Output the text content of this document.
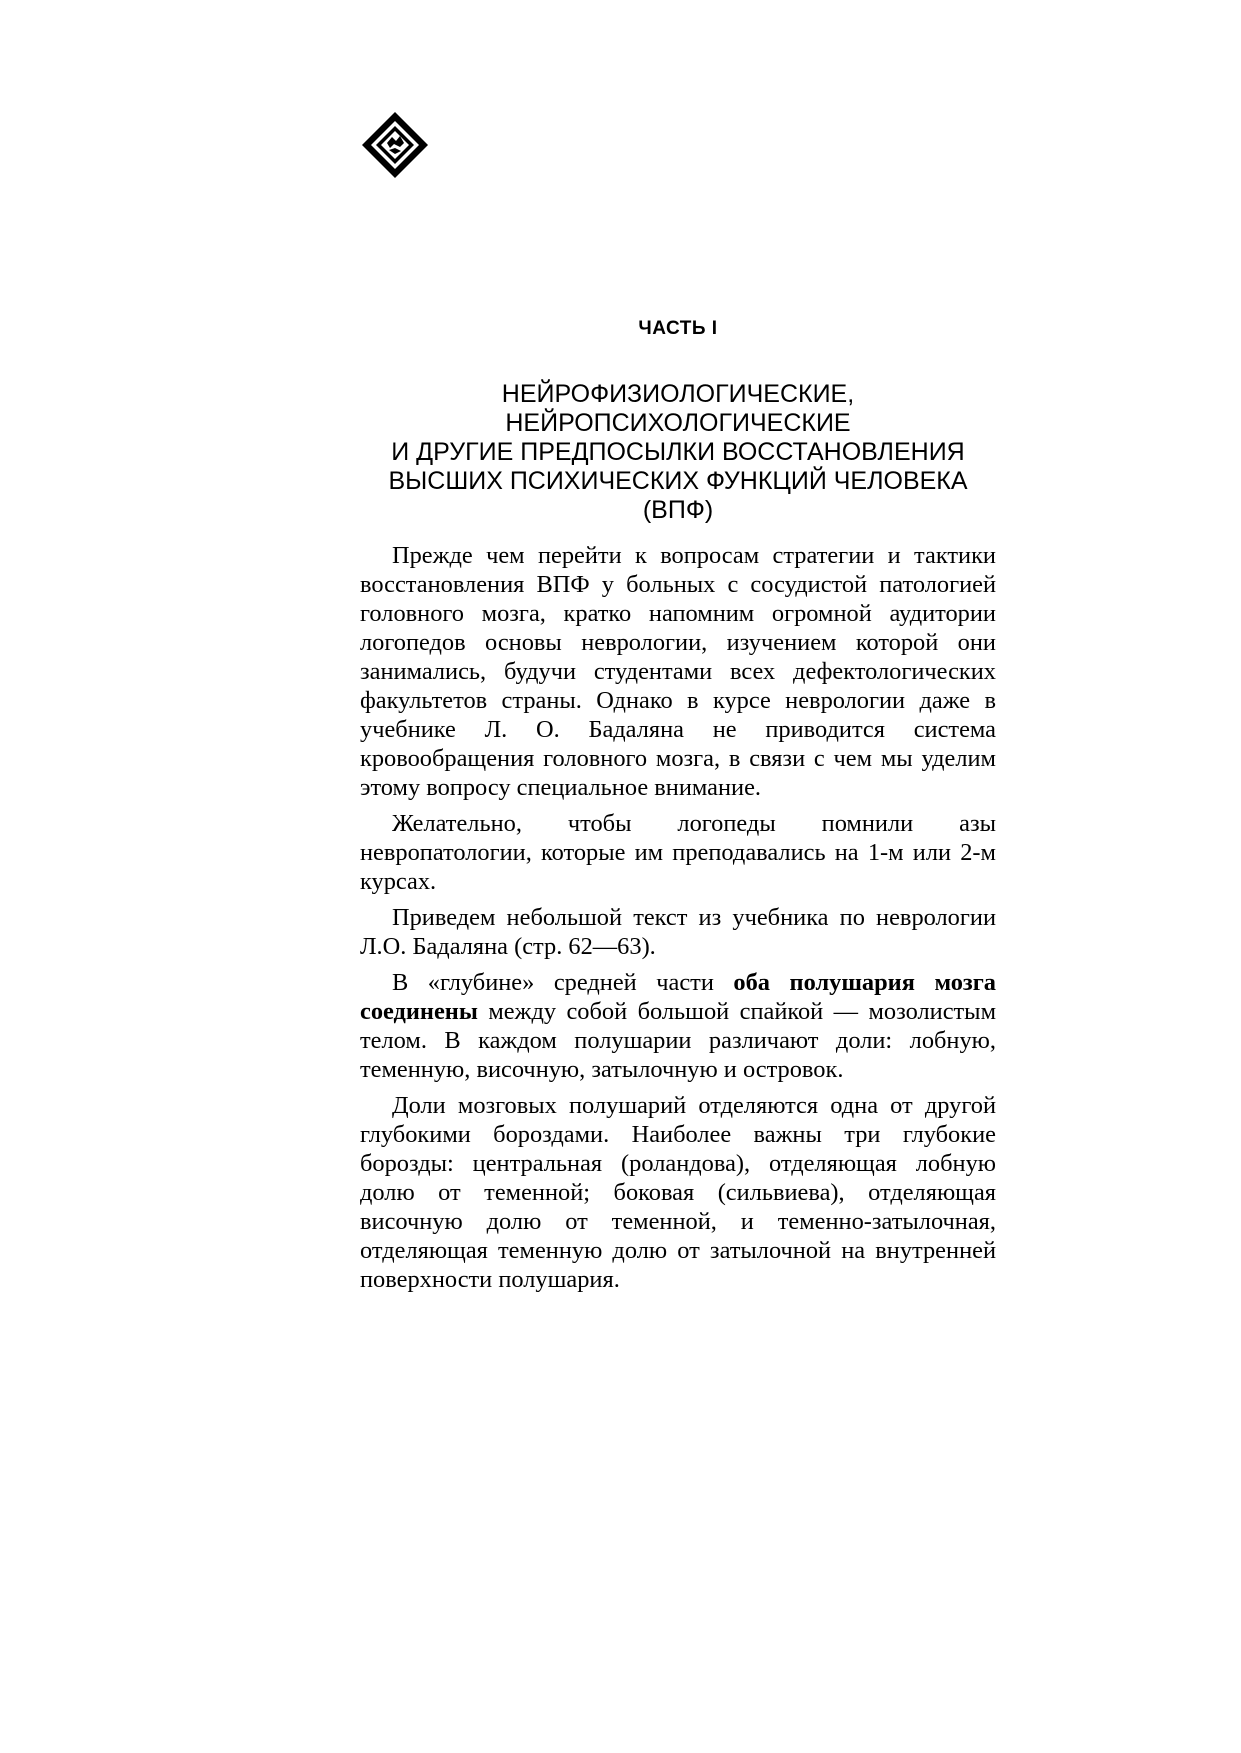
ЧАСТЬ I
НЕЙРОФИЗИОЛОГИЧЕСКИЕ,
НЕЙРОПСИХОЛОГИЧЕСКИЕ
И ДРУГИЕ ПРЕДПОСЫЛКИ ВОССТАНОВЛЕНИЯ
ВЫСШИХ ПСИХИЧЕСКИХ ФУНКЦИЙ ЧЕЛОВЕКА
(ВПФ)

Прежде чем перейти к вопросам стратегии и тактики восстановления ВПФ у больных с сосудистой патологией головного мозга, кратко напомним огромной аудитории логопедов основы неврологии, изучением которой они занимались, будучи студентами всех дефектологических факультетов страны. Однако в курсе неврологии даже в учебнике Л. О. Бадаляна не приводится система кровообращения головного мозга, в связи с чем мы уделим этому вопросу специальное внимание.

Желательно, чтобы логопеды помнили азы невропатологии, которые им преподавались на 1-м или 2-м курсах.

Приведем небольшой текст из учебника по неврологии Л.О. Бадаляна (стр. 62—63).

В «глубине» средней части оба полушария мозга соединены между собой большой спайкой — мозолистым телом. В каждом полушарии различают доли: лобную, теменную, височную, затылочную и островок.

Доли мозговых полушарий отделяются одна от другой глубокими бороздами. Наиболее важны три глубокие борозды: центральная (роландова), отделяющая лобную долю от теменной; боковая (сильвиева), отделяющая височную долю от теменной, и теменно-затылочная, отделяющая теменную долю от затылочной на внутренней поверхности полушария.
